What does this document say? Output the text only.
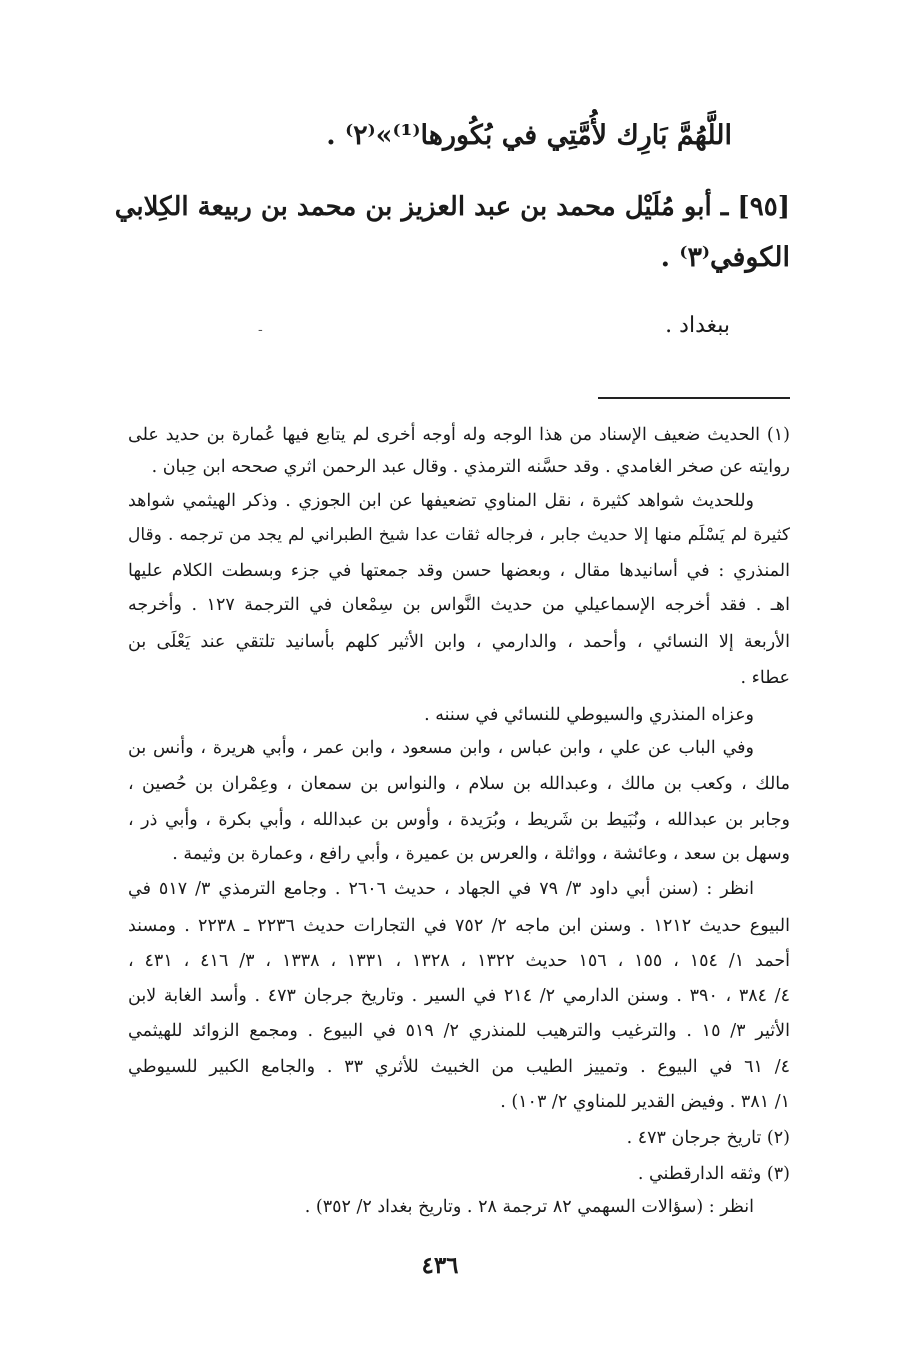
اللَّهُمَّ بَارِك لأُمَّتِي في بُكُورها⁽¹⁾»⁽٢⁾ .
[٩٥] ـ أبو مُلَيْل محمد بن عبد العزيز بن محمد بن ربيعة الكِلابي
الكوفي⁽٣⁾ .
ببغداد .
-
(١) الحديث ضعيف الإسناد من هذا الوجه وله أوجه أخرى لم يتابع فيها عُمارة بن حديد على
روايته عن صخر الغامدي . وقد حسَّنه الترمذي . وقال عبد الرحمن اثري صححه ابن حِبان .
وللحديث شواهد كثيرة ، نقل المناوي تضعيفها عن ابن الجوزي . وذكر الهيثمي شواهد
كثيرة لم يَسْلَم منها إلا حديث جابر ، فرجاله ثقات عدا شيخ الطبراني لم يجد من ترجمه . وقال
المنذري : في أسانيدها مقال ، وبعضها حسن وقد جمعتها في جزء وبسطت الكلام عليها
اهـ . فقد أخرجه الإسماعيلي من حديث النَّواس بن سِمْعان في الترجمة ١٢٧ . وأخرجه
الأربعة إلا النسائي ، وأحمد ، والدارمي ، وابن الأثير كلهم بأسانيد تلتقي عند يَعْلَى بن
عطاء .
وعزاه المنذري والسيوطي للنسائي في سننه .
وفي الباب عن علي ، وابن عباس ، وابن مسعود ، وابن عمر ، وأبي هريرة ، وأنس بن
مالك ، وكعب بن مالك ، وعبدالله بن سلام ، والنواس بن سمعان ، وعِمْران بن حُصين ،
وجابر بن عبدالله ، ونُبَيط بن شَريط ، وبُرَيدة ، وأوس بن عبدالله ، وأبي بكرة ، وأبي ذر ،
وسهل بن سعد ، وعائشة ، وواثلة ، والعرس بن عميرة ، وأبي رافع ، وعمارة بن وثيمة .
انظر : (سنن أبي داود ٣/ ٧٩ في الجهاد ، حديث ٢٦٠٦ . وجامع الترمذي ٣/ ٥١٧ في
البيوع حديث ١٢١٢ . وسنن ابن ماجه ٢/ ٧٥٢ في التجارات حديث ٢٢٣٦ ـ ٢٢٣٨ . ومسند
أحمد ١/ ١٥٤ ، ١٥٥ ، ١٥٦ حديث ١٣٢٢ ، ١٣٢٨ ، ١٣٣١ ، ١٣٣٨ ، ٣/ ٤١٦ ، ٤٣١ ،
٤/ ٣٨٤ ، ٣٩٠ . وسنن الدارمي ٢/ ٢١٤ في السير . وتاريخ جرجان ٤٧٣ . وأسد الغابة لابن
الأثير ٣/ ١٥ . والترغيب والترهيب للمنذري ٢/ ٥١٩ في البيوع . ومجمع الزوائد للهيثمي
٤/ ٦١ في البيوع . وتمييز الطيب من الخبيث للأثري ٣٣ . والجامع الكبير للسيوطي
١/ ٣٨١ . وفيض القدير للمناوي ٢/ ١٠٣) .
(٢) تاريخ جرجان ٤٧٣ .
(٣) وثقه الدارقطني .
انظر : (سؤالات السهمي ٨٢ ترجمة ٢٨ . وتاريخ بغداد ٢/ ٣٥٢) .
٤٣٦
